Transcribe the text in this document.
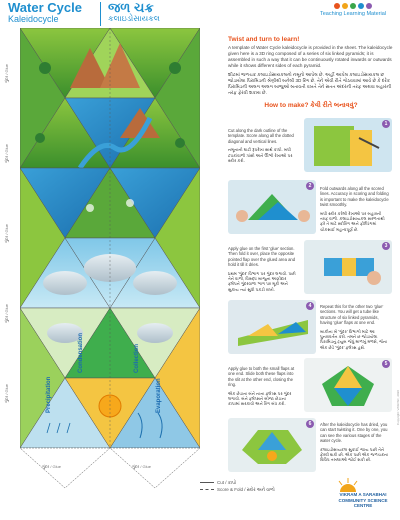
Water Cycle
Kaleidocycle
જળ ચક્ર
કલાઇડોસાયકલ	Teaching Learning Material
ગુંદર / Glue
ગુંદર / Glue
ગુંદર / Glue
ગુંદર / Glue
ગુંદર / Glue	Evaporation
Condensation
Precipitation
Collection
ગુંદર / Glue	ગુંદર / Glue
Cut / કાપો
Score & Fold / સ્કોર અને વાળો
Twist and turn to learn!
A template of Water Cycle kaleidocycle is provided in the sheet. The kaleidocycle given here is a 3D ring composed of a series of six linked pyramids; it is assembled in such a way that it can be continuously rotated inwards or outwards while it shows different sides of each pyramid.
શીટમાં જળચક્ર કલાઇડોસાયકલનો નમૂનો આપેલ છે. અહીં આપેલ કલાઇડોસાયકલ છ જોડાયેલા પિરામિડની શ્રેણીથી બનેલી 3D રિંગ છે. તેને એવી રીતે ગોઠવવામાં આવે છે કે દરેક પિરામિડની અલગ અલગ બાજુઓ બતાવતી વખતે તેને સતત અંદરની તરફ અથવા બહારની તરફ ફેરવી શકાય છે.
How to make? કેવી રીતે બનાવવું?
Cut along the dark outline of the template. Score along all the dotted diagonal and vertical lines.
નમૂનાની ઘાટી રૂપરેખા સાથે કાપો. બધી ટપકાંવાળી ત્રાંસી અને ઊભી રેખાઓ પર સ્કોર કરો.
1
2	Fold outwards along all the scored lines. Accuracy in scoring and folding is important to make the kaleidocycle twist smoothly.
બધી સ્કોર કરેલી રેખાઓ પર બહારની તરફ વાળો. કલાઇડોસાયકલ સરળતાથી ફરે તે માટે સ્કોરિંગ અને ફોલ્ડિંગમાં ચોકસાઈ મહત્વપૂર્ણ છે.
Apply glue on the first 'glue' section. Then fold it over, place the opposite pointed flap over the glued area and hold it till it dries.
પ્રથમ 'ગુંદર' વિભાગ પર ગુંદર લગાવો. પછી તેને વાળો, વિરુદ્ધ બાજુના અણીદાર ફ્લેપને ગુંદરવાળા ભાગ પર મૂકો અને સુકાય ત્યાં સુધી પકડી રાખો.
3
4	Repeat this for the other two 'glue' sections. You will get a tube like structure of six linked pyramids, having 'glue' flaps at one end.
બાકીના બે 'ગુંદર' વિભાગો માટે આ પુનરાવર્તન કરો. તમને છ જોડાયેલા પિરામિડનું ટ્યુબ જેવું માળખું મળશે, જેના એક છેડે 'ગુંદર' ફ્લેપ્સ હશે.
Apply glue to both the small flaps at one end. Slide both these flaps into the slit at the other end, closing the ring.
એક છેડાના બંને નાના ફ્લેપ્સ પર ગુંદર લગાવો. બંને ફ્લેપ્સને બીજા છેડાના કાપામાં સરકાવો અને રિંગ બંધ કરો.
5
6	After the kaleidocycle has dried, you can start twisting it. One by one, you can see the various stages of the water cycle.
કલાઇડોસાયકલ સુકાઈ જાય પછી તેને ફેરવી શકો છો. એક પછી એક જળચક્રના વિવિધ તબક્કાઓ જોઈ શકો છો.
VIKRAM A SARABHAI
COMMUNITY SCIENCE CENTRE
Copyright: VASCSC, 2020
